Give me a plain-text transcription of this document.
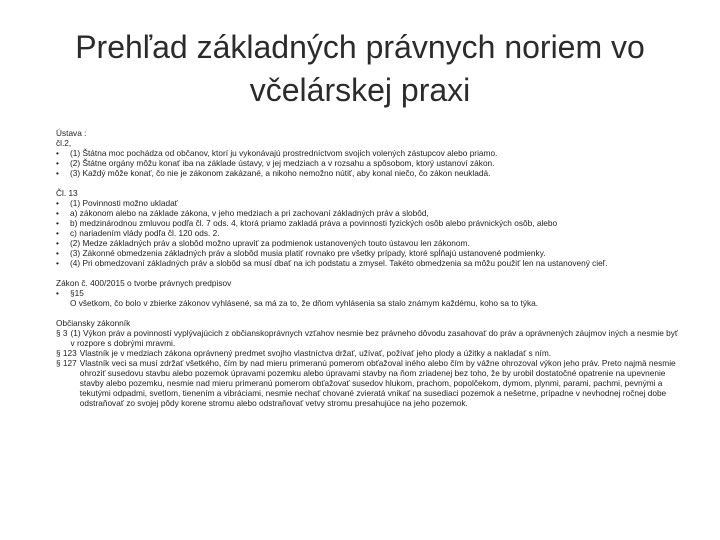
Prehľad základných právnych noriem vo včelárskej praxi
Ústava :
čl.2,
•	(1) Štátna moc pochádza od občanov, ktorí ju vykonávajú prostredníctvom svojich volených zástupcov alebo priamo.
•	(2) Štátne orgány môžu konať iba na základe ústavy, v jej medziach a v rozsahu a spôsobom, ktorý ustanoví zákon.
•	(3) Každý môže konať, čo nie je zákonom zakázané, a nikoho nemožno nútiť, aby konal niečo, čo zákon neukladá.
Čl. 13
•	(1) Povinnosti možno ukladať
•	a) zákonom alebo na základe zákona, v jeho medziach a pri zachovaní základných práv a slobôd,
•	b) medzinárodnou zmluvou podľa čl. 7 ods. 4, ktorá priamo zakladá práva a povinnosti fyzických osôb alebo právnických osôb, alebo
•	c) nariadením vlády podľa čl. 120 ods. 2.
•	(2) Medze základných práv a slobôd možno upraviť za podmienok ustanovených touto ústavou len zákonom.
•	(3) Zákonné obmedzenia základných práv a slobôd musia platiť rovnako pre všetky prípady, ktoré spĺňajú ustanovené podmienky.
•	(4) Pri obmedzovaní základných práv a slobôd sa musí dbať na ich podstatu a zmysel. Takéto obmedzenia sa môžu použiť len na ustanovený cieľ.
Zákon č. 400/2015 o tvorbe právnych predpisov
•	§15
O všetkom, čo bolo v zbierke zákonov vyhlásené, sa má za to, že dňom vyhlásenia sa stalo známym každému, koho sa to týka.
Občiansky zákonník
§ 3 (1) Výkon práv a povinností vyplývajúcich z občianskoprávnych vzťahov nesmie bez právneho dôvodu zasahovať do práv a oprávnených záujmov iných a nesmie byť v rozpore s dobrými mravmi.
§ 123 Vlastník je v medziach zákona oprávnený predmet svojho vlastníctva držať, užívať, požívať jeho plody a úžitky a nakladať s ním.
§ 127 Vlastník veci sa musí zdržať všetkého, čím by nad mieru primeranú pomerom obťažoval iného alebo čím by vážne ohrozoval výkon jeho práv. Preto najmä nesmie ohroziť susedovu stavbu alebo pozemok úpravami pozemku alebo úpravami stavby na ňom zriadenej bez toho, že by urobil dostatočné opatrenie na upevnenie stavby alebo pozemku, nesmie nad mieru primeranú pomerom obťažovať susedov hlukom, prachom, popolčekom, dymom, plynmi, parami, pachmi, pevnými a tekutými odpadmi, svetlom, tienením a vibráciami, nesmie nechať chované zvieratá vnikať na susediaci pozemok a nešetrne, prípadne v nevhodnej ročnej dobe odstraňovať zo svojej pôdy korene stromu alebo odstraňovať vetvy stromu presahujúce na jeho pozemok.
